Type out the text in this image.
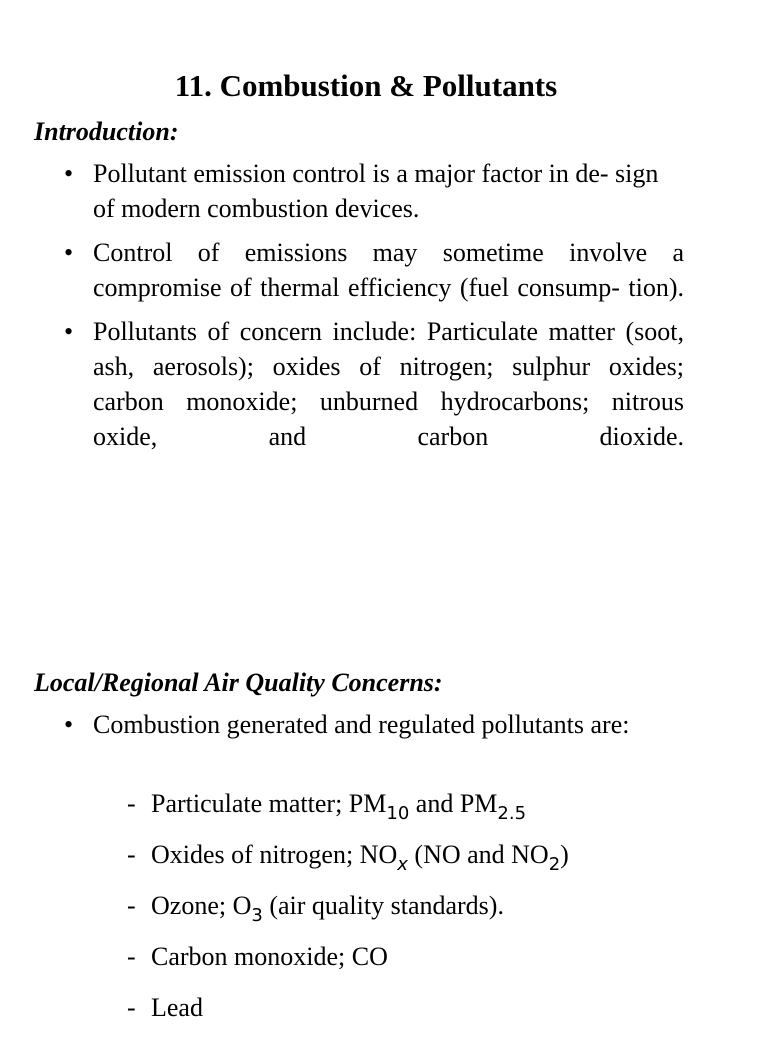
11. Combustion & Pollutants
Introduction:
• Pollutant emission control is a major factor in de- sign of modern combustion devices.
• Control of emissions may sometime involve a compromise of thermal efficiency (fuel consump- tion).
• Pollutants of concern include: Particulate matter (soot, ash, aerosols); oxides of nitrogen; sulphur oxides; carbon monoxide; unburned hydrocarbons; nitrous oxide, and carbon dioxide.
Local/Regional Air Quality Concerns:
• Combustion generated and regulated pollutants are:
- Particulate matter; $PM_{10}$ and $PM_{2.5}$
- Oxides of nitrogen; $NO_x$ (NO and $NO_2$)
- Ozone; $O_3$ (air quality standards).
- Carbon monoxide; CO
- Lead
